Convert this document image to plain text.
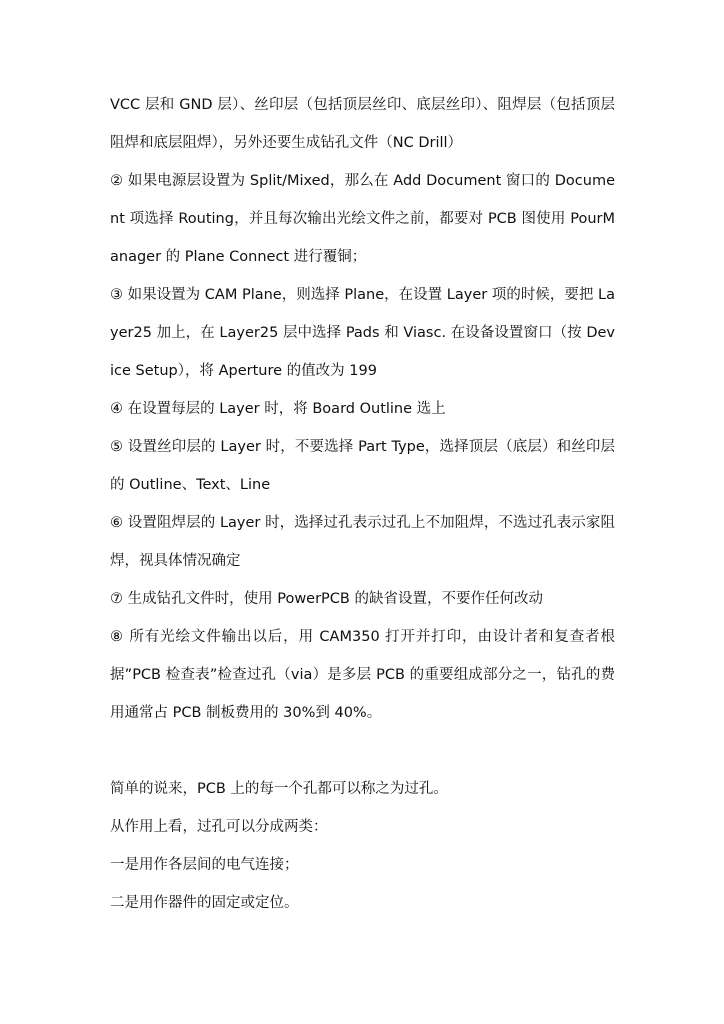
VCC 层和 GND 层）、丝印层（包括顶层丝印、底层丝印）、阻焊层（包括顶层阻焊和底层阻焊），另外还要生成钻孔文件（NC Drill）

② 如果电源层设置为 Split/Mixed，那么在 Add Document 窗口的 Document 项选择 Routing，并且每次输出光绘文件之前，都要对 PCB 图使用 PourManager 的 Plane Connect 进行覆铜；

③ 如果设置为 CAM Plane，则选择 Plane，在设置 Layer 项的时候，要把 Layer25 加上，在 Layer25 层中选择 Pads 和 Viasc. 在设备设置窗口（按 Device Setup），将 Aperture 的值改为 199

④ 在设置每层的 Layer 时，将 Board Outline 选上

⑤ 设置丝印层的 Layer 时，不要选择 Part Type，选择顶层（底层）和丝印层的 Outline、Text、Line

⑥ 设置阻焊层的 Layer 时，选择过孔表示过孔上不加阻焊，不选过孔表示家阻焊，视具体情况确定

⑦ 生成钻孔文件时，使用 PowerPCB 的缺省设置，不要作任何改动

⑧ 所有光绘文件输出以后，用 CAM350 打开并打印，由设计者和复查者根据”PCB 检查表”检查过孔（via）是多层 PCB 的重要组成部分之一，钻孔的费用通常占 PCB 制板费用的 30%到 40%。

简单的说来，PCB 上的每一个孔都可以称之为过孔。

从作用上看，过孔可以分成两类：

一是用作各层间的电气连接；

二是用作器件的固定或定位。
